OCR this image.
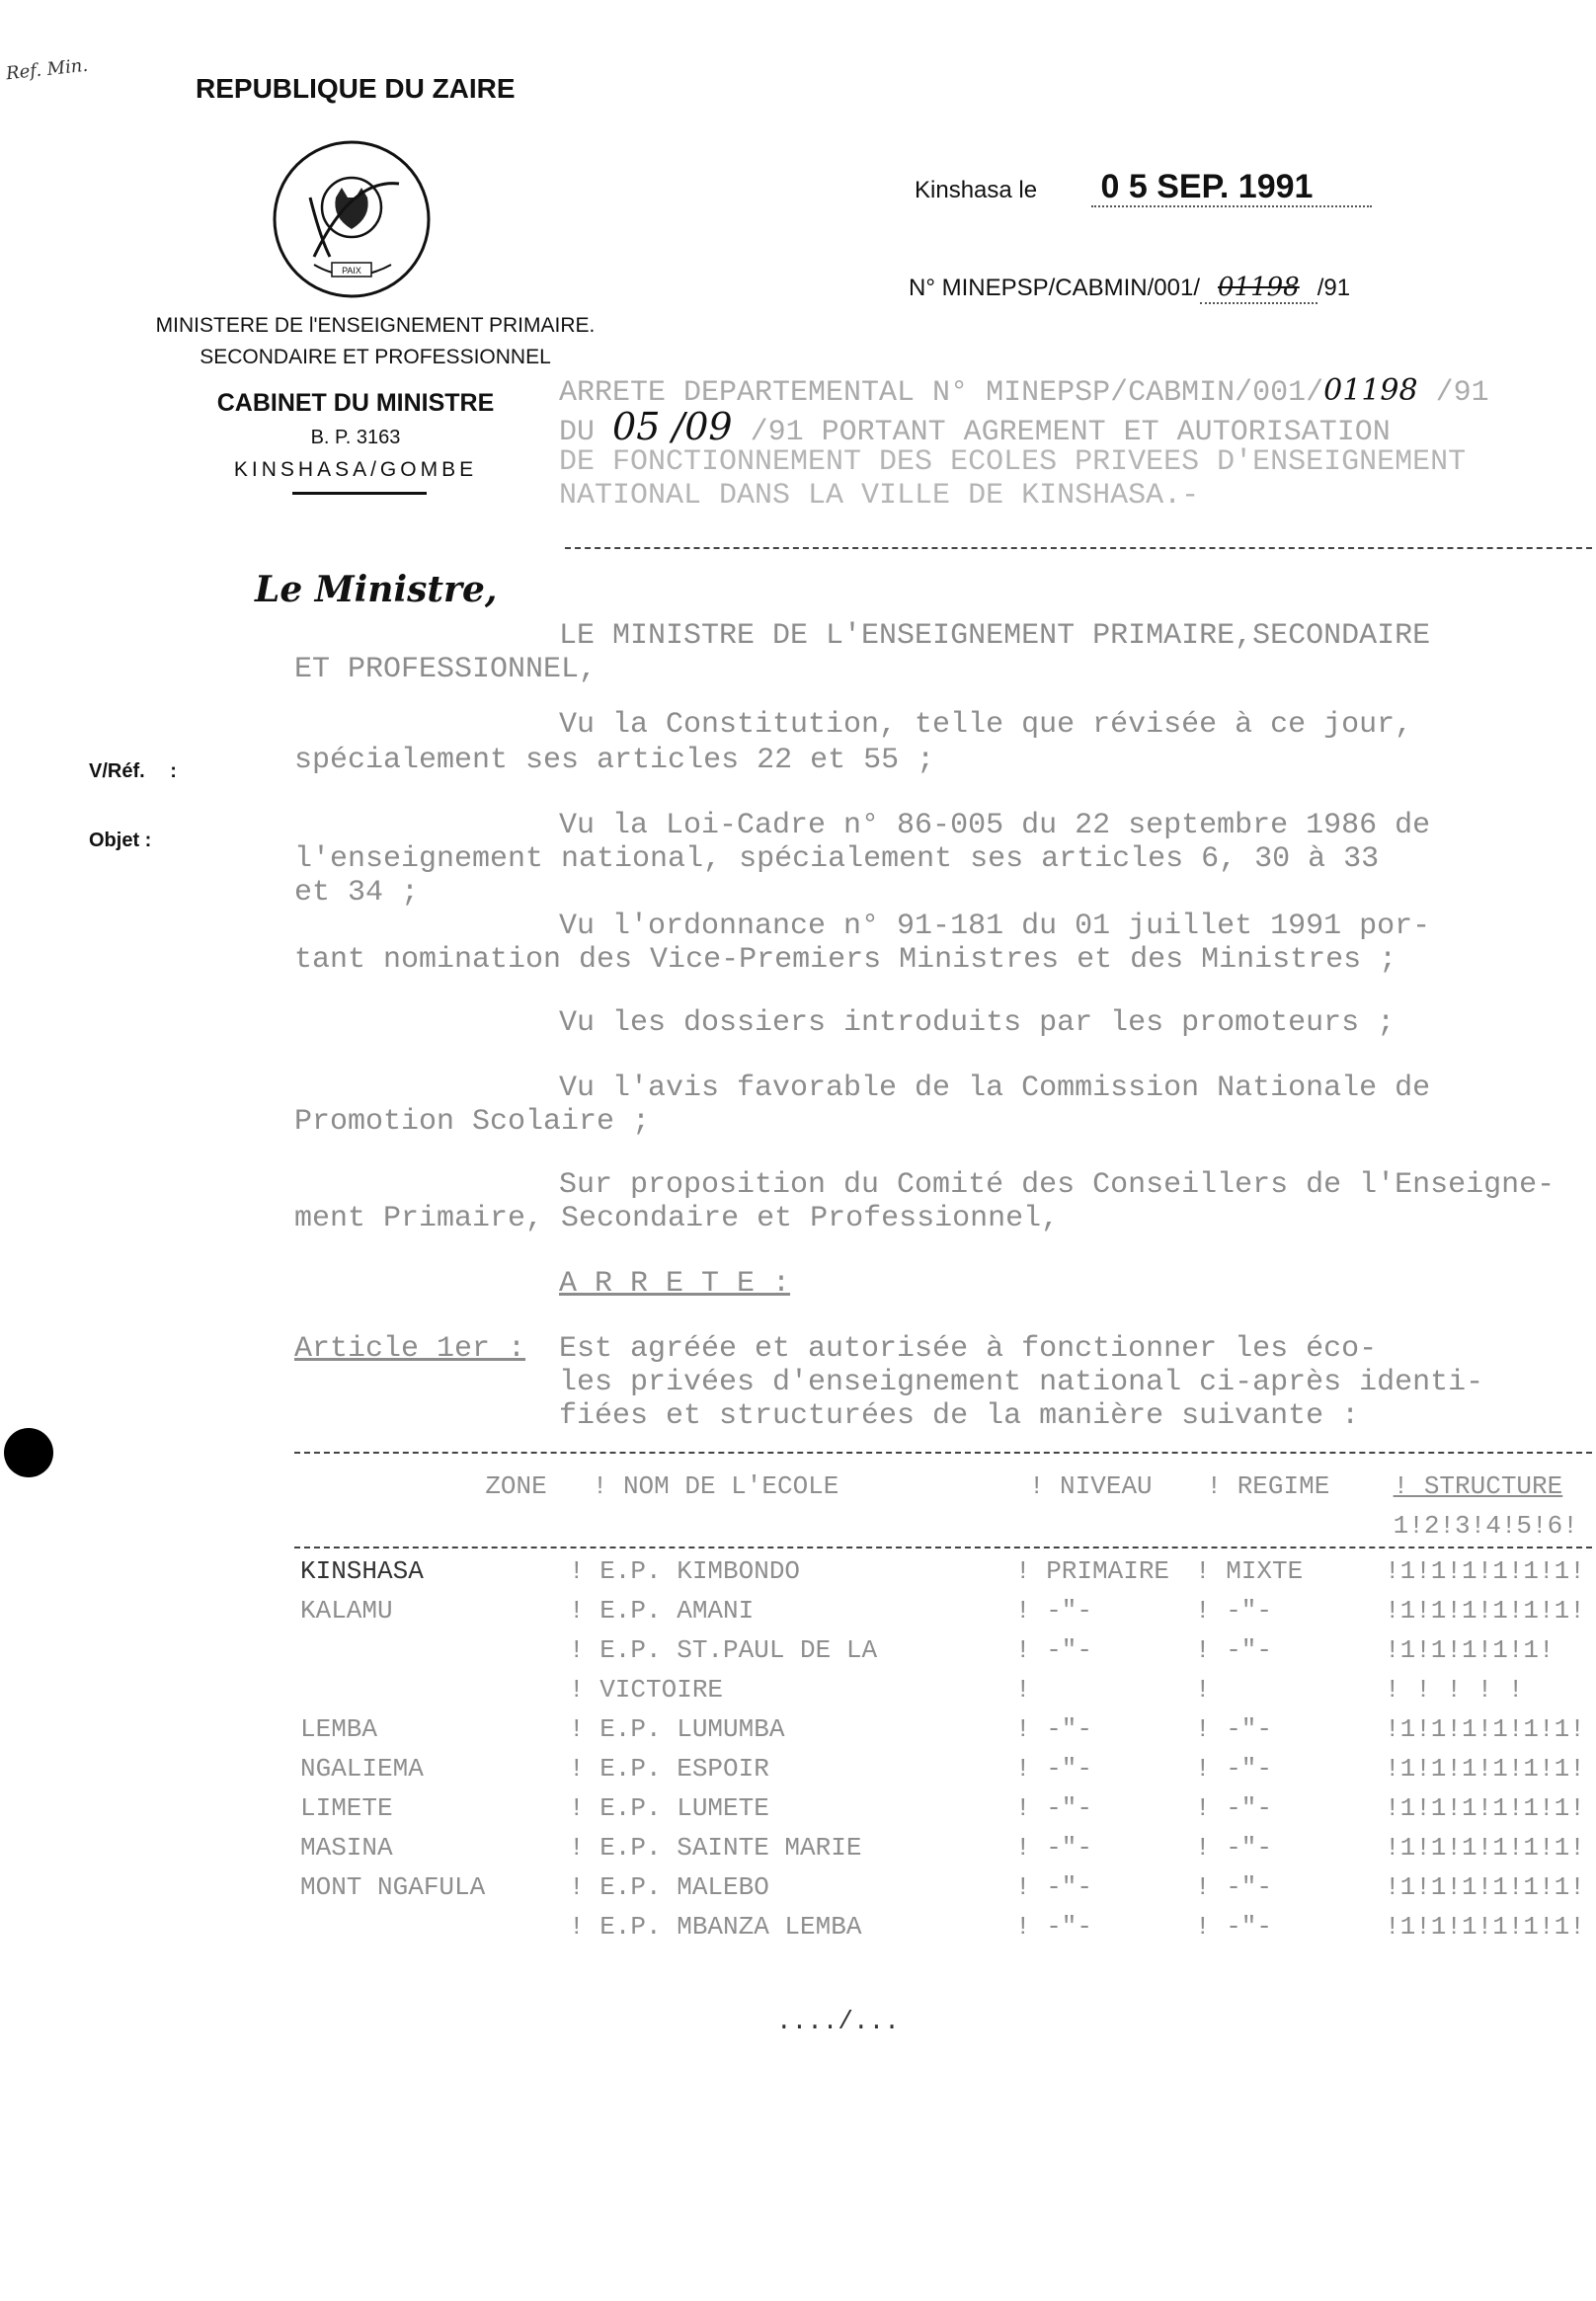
Ref. Min.
REPUBLIQUE DU ZAIRE
PAIX
MINISTERE DE l'ENSEIGNEMENT PRIMAIRE.
SECONDAIRE ET PROFESSIONNEL
CABINET DU MINISTRE
B. P. 3163
KINSHASA/GOMBE
Kinshasa le 0 5 SEP. 1991
N° MINEPSP/CABMIN/001/ 01198 /91
ARRETE DEPARTEMENTAL N° MINEPSP/CABMIN/001/01198 /91
DU 05 /09 /91 PORTANT AGREMENT ET AUTORISATION
DE FONCTIONNEMENT DES ECOLES PRIVEES D'ENSEIGNEMENT
NATIONAL DANS LA VILLE DE KINSHASA.-
Le Ministre,
V/Réf. :
Objet :
LE MINISTRE DE L'ENSEIGNEMENT PRIMAIRE,SECONDAIRE
ET PROFESSIONNEL,
Vu la Constitution, telle que révisée à ce jour,
spécialement ses articles 22 et 55 ;
Vu la Loi-Cadre n° 86-005 du 22 septembre 1986 de
l'enseignement national, spécialement ses articles 6, 30 à 33
et 34 ;
Vu l'ordonnance n° 91-181 du 01 juillet 1991 por-
tant nomination des Vice-Premiers Ministres et des Ministres ;
Vu les dossiers introduits par les promoteurs ;
Vu l'avis favorable de la Commission Nationale de
Promotion Scolaire ;
Sur proposition du Comité des Conseillers de l'Enseigne-
ment Primaire, Secondaire et Professionnel,
A R R E T E :
Article 1er : Est agréée et autorisée à fonctionner les éco-
les privées d'enseignement national ci-après identi-
fiées et structurées de la manière suivante :
ZONE	! NOM DE L'ECOLE	! NIVEAU	! REGIME	! STRUCTURE
				1!2!3!4!5!6!
KINSHASA	! E.P. KIMBONDO	! PRIMAIRE	! MIXTE	!1!1!1!1!1!1!
KALAMU	! E.P. AMANI	! -"-	! -"-	!1!1!1!1!1!1!
	! E.P. ST.PAUL DE LA	! -"-	! -"-	!1!1!1!1!1!
	! VICTOIRE	!	!	! ! ! ! !
LEMBA	! E.P. LUMUMBA	! -"-	! -"-	!1!1!1!1!1!1!
NGALIEMA	! E.P. ESPOIR	! -"-	! -"-	!1!1!1!1!1!1!
LIMETE	! E.P. LUMETE	! -"-	! -"-	!1!1!1!1!1!1!
MASINA	! E.P. SAINTE MARIE	! -"-	! -"-	!1!1!1!1!1!1!
MONT NGAFULA	! E.P. MALEBO	! -"-	! -"-	!1!1!1!1!1!1!
	! E.P. MBANZA LEMBA	! -"-	! -"-	!1!1!1!1!1!1!
..../...
